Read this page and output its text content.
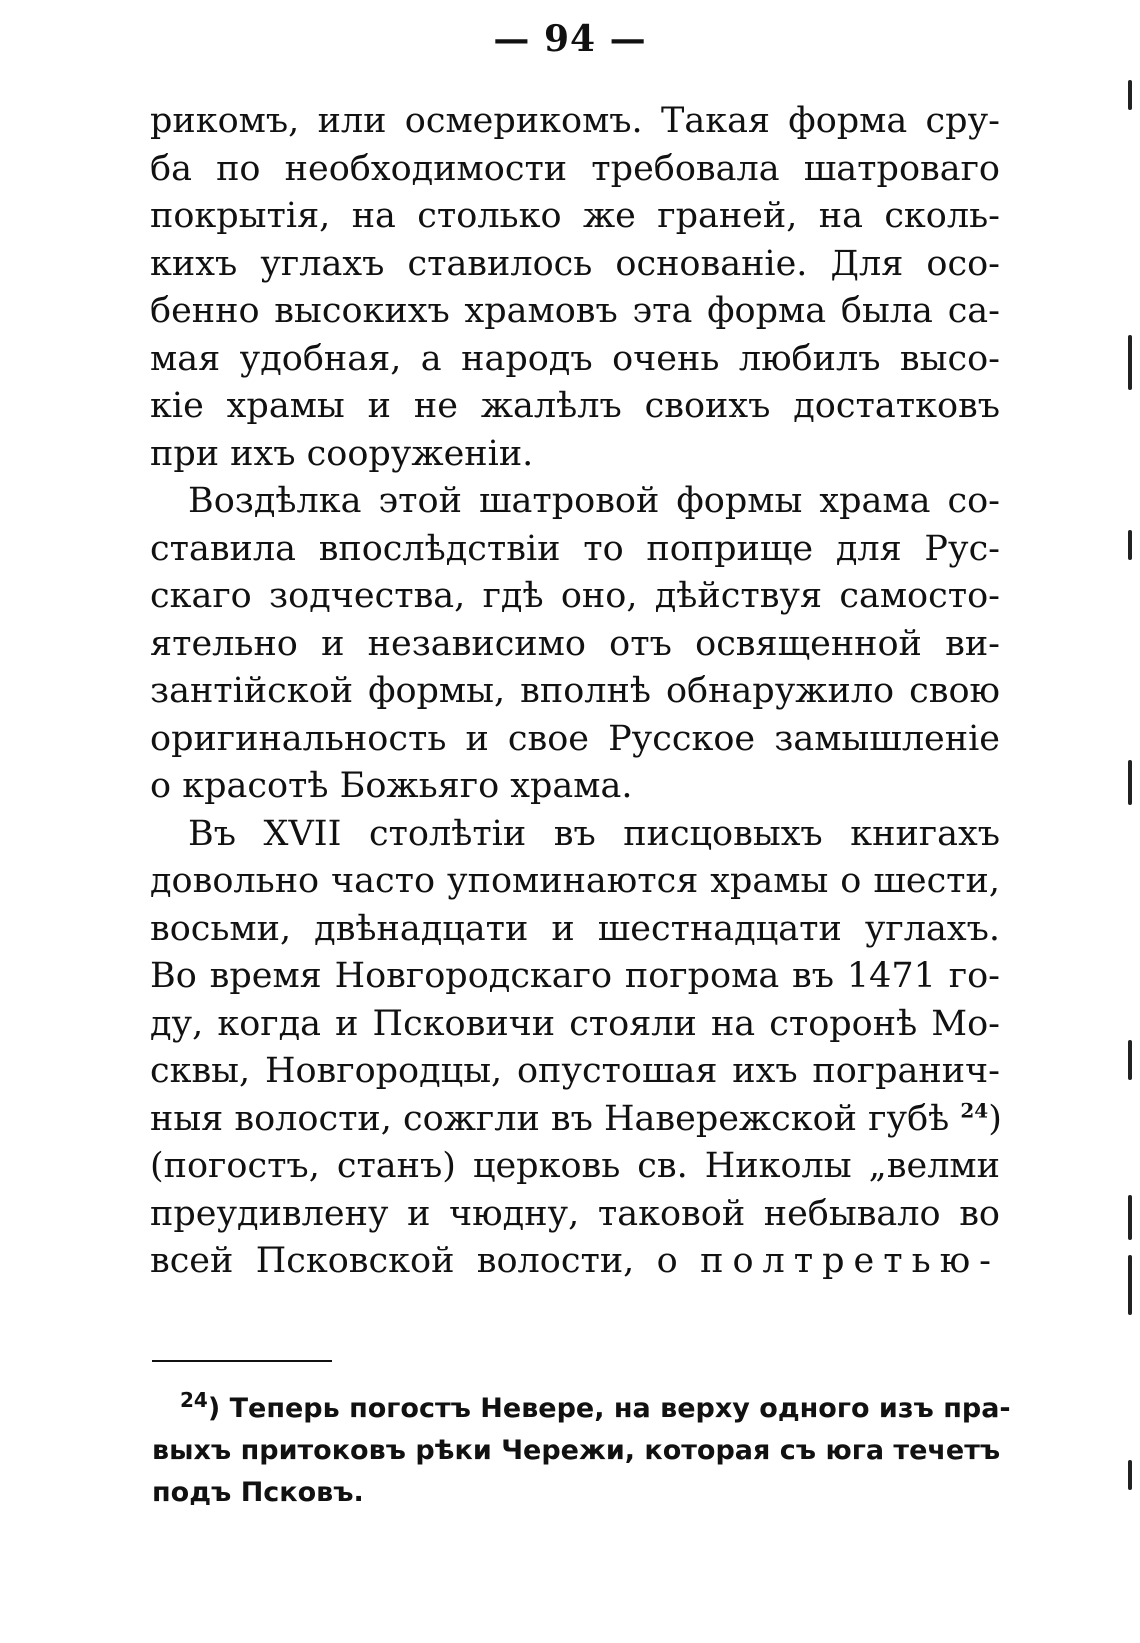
— 94 —
рикомъ, или осмерикомъ. Такая форма сру-
ба по необходимости требовала шатроваго
покрытія, на столько же граней, на сколь-
кихъ углахъ ставилось основаніе. Для осо-
бенно высокихъ храмовъ эта форма была са-
мая удобная, а народъ очень любилъ высо-
кіе храмы и не жалѣлъ своихъ достатковъ
при ихъ сооруженіи.
Воздѣлка этой шатровой формы храма со-
ставила впослѣдствіи то поприще для Рус-
скаго зодчества, гдѣ оно, дѣйствуя самосто-
ятельно и независимо отъ освященной ви-
зантійской формы, вполнѣ обнаружило свою
оригинальность и свое Русское замышленіе
о красотѣ Божьяго храма.
Въ XVII столѣтіи въ писцовыхъ книгахъ
довольно часто упоминаются храмы о шести,
восьми, двѣнадцати и шестнадцати углахъ.
Во время Новгородскаго погрома въ 1471 го-
ду, когда и Псковичи стояли на сторонѣ Мо-
сквы, Новгородцы, опустошая ихъ погранич-
ныя волости, сожгли въ Наверeжской губѣ $^{24}$)
(погостъ, станъ) церковь св. Николы „велми
преудивлену и чюдну, таковой небывало во
всей Псковской волости, о полтретью-
$^{24}$) Теперь погостъ Невере, на верху одного изъ пра-
выхъ притоковъ рѣки Черeжи, которая съ юга течетъ
подъ Псковъ.
